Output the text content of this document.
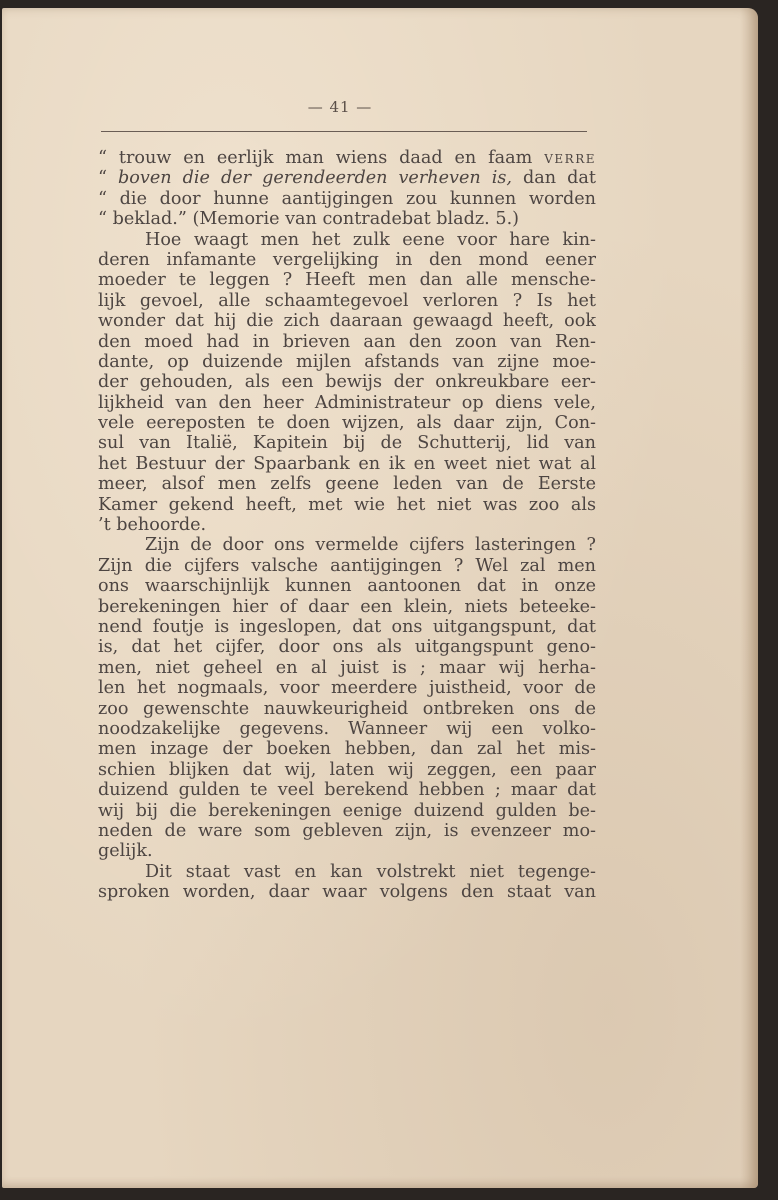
— 41 —
“ trouw en eerlijk man wiens daad en faam VERRE
“ boven die der gerendeerden verheven is, dan dat
“ die door hunne aantijgingen zou kunnen worden
“ beklad.” (Memorie van contradebat bladz. 5.)
Hoe waagt men het zulk eene voor hare kin-
deren infamante vergelijking in den mond eener
moeder te leggen ? Heeft men dan alle mensche-
lijk gevoel, alle schaamtegevoel verloren ? Is het
wonder dat hij die zich daaraan gewaagd heeft, ook
den moed had in brieven aan den zoon van Ren-
dante, op duizende mijlen afstands van zijne moe-
der gehouden, als een bewijs der onkreukbare eer-
lijkheid van den heer Administrateur op diens vele,
vele eereposten te doen wijzen, als daar zijn, Con-
sul van Italië, Kapitein bij de Schutterij, lid van
het Bestuur der Spaarbank en ik en weet niet wat al
meer, alsof men zelfs geene leden van de Eerste
Kamer gekend heeft, met wie het niet was zoo als
’t behoorde.
Zijn de door ons vermelde cijfers lasteringen ?
Zijn die cijfers valsche aantijgingen ? Wel zal men
ons waarschijnlijk kunnen aantoonen dat in onze
berekeningen hier of daar een klein, niets beteeke-
nend foutje is ingeslopen, dat ons uitgangspunt, dat
is, dat het cijfer, door ons als uitgangspunt geno-
men, niet geheel en al juist is ; maar wij herha-
len het nogmaals, voor meerdere juistheid, voor de
zoo gewenschte nauwkeurigheid ontbreken ons de
noodzakelijke gegevens. Wanneer wij een volko-
men inzage der boeken hebben, dan zal het mis-
schien blijken dat wij, laten wij zeggen, een paar
duizend gulden te veel berekend hebben ; maar dat
wij bij die berekeningen eenige duizend gulden be-
neden de ware som gebleven zijn, is evenzeer mo-
gelijk.
Dit staat vast en kan volstrekt niet tegenge-
sproken worden, daar waar volgens den staat van
